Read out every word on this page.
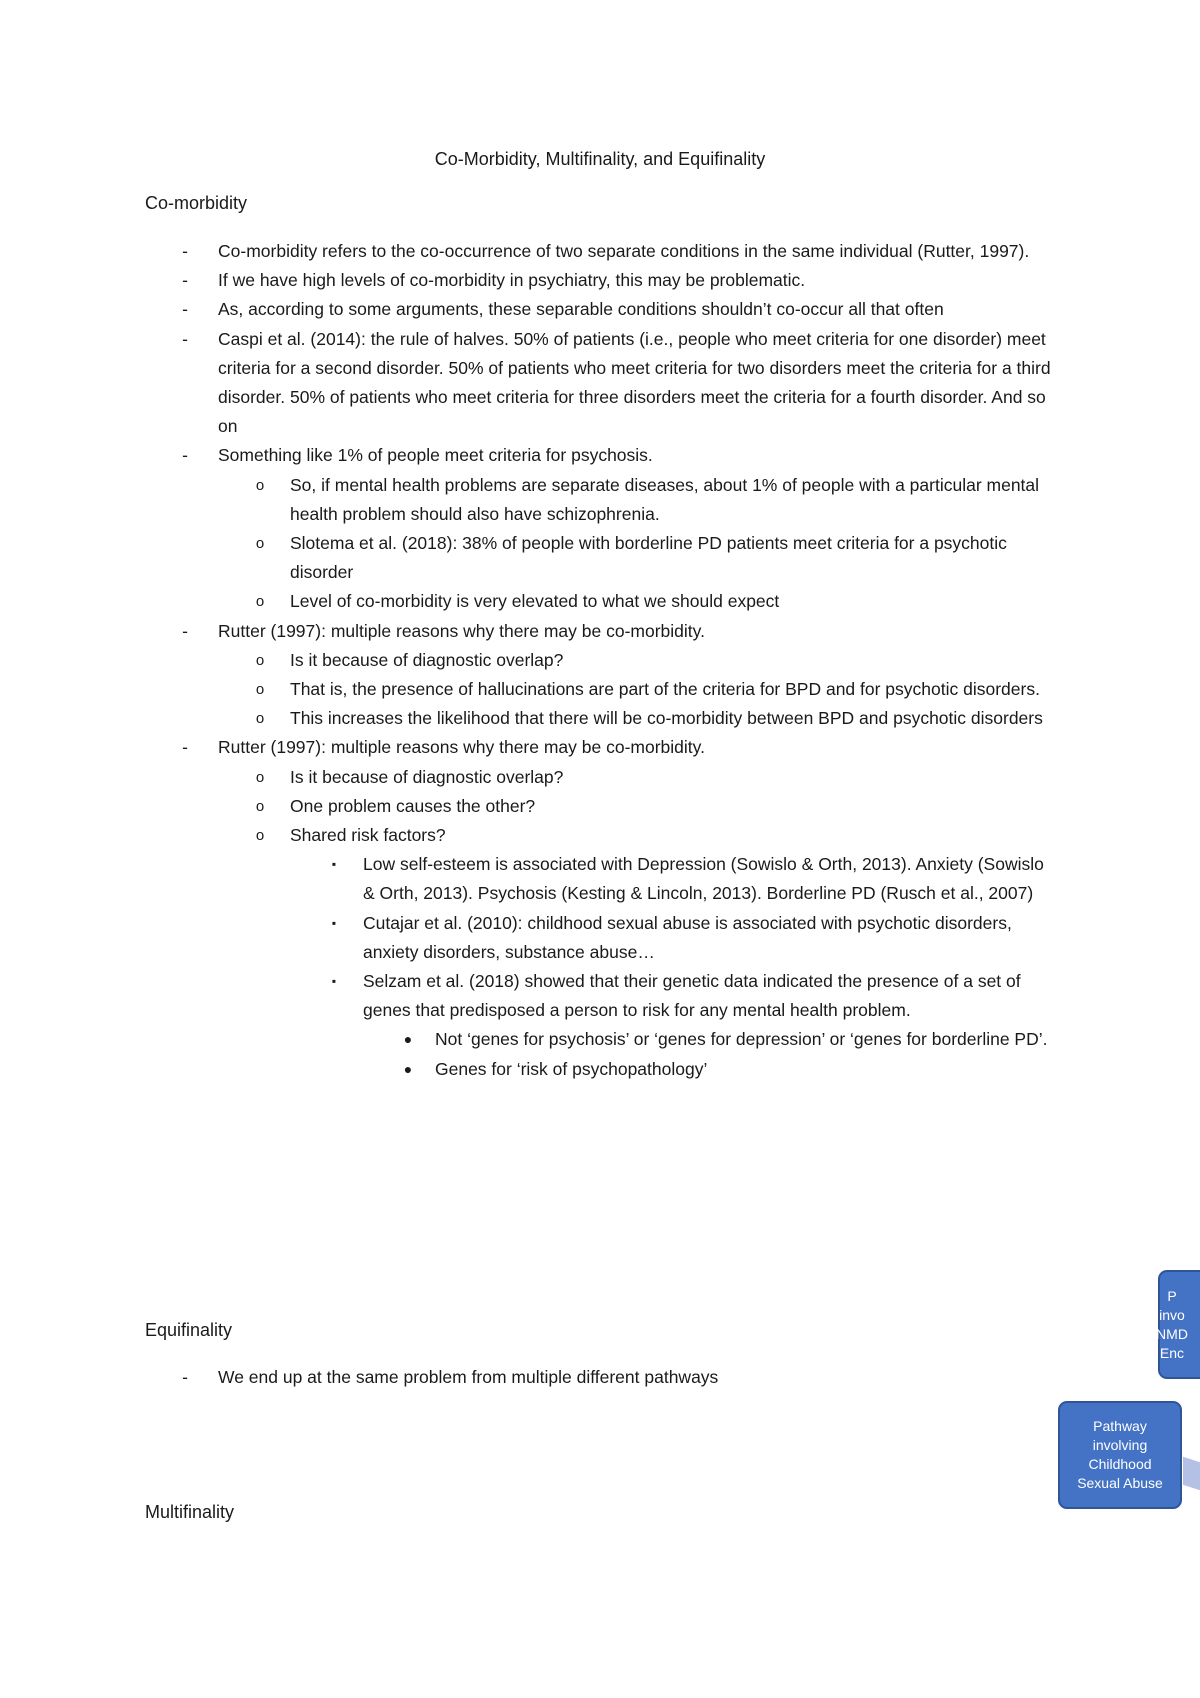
Co-Morbidity, Multifinality, and Equifinality
Co-morbidity
-	Co-morbidity refers to the co-occurrence of two separate conditions in the same individual (Rutter, 1997).
-	If we have high levels of co-morbidity in psychiatry, this may be problematic.
-	As, according to some arguments, these separable conditions shouldn’t co-occur all that often
-	Caspi et al. (2014): the rule of halves. 50% of patients (i.e., people who meet criteria for one disorder) meet criteria for a second disorder. 50% of patients who meet criteria for two disorders meet the criteria for a third disorder. 50% of patients who meet criteria for three disorders meet the criteria for a fourth disorder. And so on
-	Something like 1% of people meet criteria for psychosis.
o	So, if mental health problems are separate diseases, about 1% of people with a particular mental health problem should also have schizophrenia.
o	Slotema et al. (2018): 38% of people with borderline PD patients meet criteria for a psychotic disorder
o	Level of co-morbidity is very elevated to what we should expect
-	Rutter (1997): multiple reasons why there may be co-morbidity.
o	Is it because of diagnostic overlap?
o	That is, the presence of hallucinations are part of the criteria for BPD and for psychotic disorders.
o	This increases the likelihood that there will be co-morbidity between BPD and psychotic disorders
-	Rutter (1997): multiple reasons why there may be co-morbidity.
o	Is it because of diagnostic overlap?
o	One problem causes the other?
o	Shared risk factors?
▪	Low self-esteem is associated with Depression (Sowislo & Orth, 2013). Anxiety (Sowislo & Orth, 2013). Psychosis (Kesting & Lincoln, 2013). Borderline PD (Rusch et al., 2007)
▪	Cutajar et al. (2010): childhood sexual abuse is associated with psychotic disorders, anxiety disorders, substance abuse…
▪	Selzam et al. (2018) showed that their genetic data indicated the presence of a set of genes that predisposed a person to risk for any mental health problem.
●	Not ‘genes for psychosis’ or ‘genes for depression’ or ‘genes for borderline PD’.
●	Genes for ‘risk of psychopathology’
Equifinality
-	We end up at the same problem from multiple different pathways
Multifinality
P
invo
NMD
Enc
Pathway
involving
Childhood
Sexual Abuse
